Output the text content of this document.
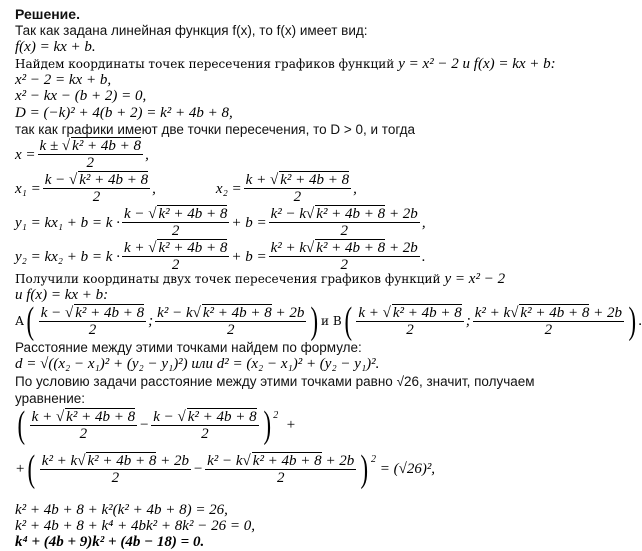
Решение.
Так как задана линейная функция f(x), то f(x) имеет вид:
f(x) = kx + b.
Найдем координаты точек пересечения графиков функций
y = x² − 2 и f(x) = kx + b:
x² − 2 = kx + b,
x² − kx − (b + 2) = 0,
D = (−k)² + 4(b + 2) = k² + 4b + 8,
так как графики имеют две точки пересечения, то D > 0, и тогда
$x = \frac{\text{k ± √ k² + 4b + 8}}{2}$ ,
$x_1 = \frac{\text{k − √ k² + 4b + 8}}{2}$ ,	$x_2 = \frac{\text{k + √ k² + 4b + 8}}{2}$ ,
$y_1 = kx_1 + b = k \cdot \frac{\text{k − √ k² + 4b + 8}}{2} + b = \frac{\text{k² − k√ k² + 4b + 8 + 2b}}{2}$ ,
$y_2 = kx_2 + b = k \cdot \frac{\text{k + √ k² + 4b + 8}}{2} + b = \frac{\text{k² + k√ k² + 4b + 8 + 2b}}{2}$ .
Получили координаты двух точек пересечения графиков функций
y = x² − 2
и f(x) = kx + b:
А ( $\frac{\text{k − √ k² + 4b + 8}}{2}$ ; $\frac{\text{k² − k√ k² + 4b + 8 + 2b}}{2}$ ) и В ( $\frac{\text{k + √ k² + 4b + 8}}{2}$ ; $\frac{\text{k² + k√ k² + 4b + 8 + 2b}}{2}$ ) .
Расстояние между этими точками найдем по формуле:
d = √((x₂ − x₁)² + (y₂ − y₁)²) или d² = (x₂ − x₁)² + (y₂ − y₁)².
По условию задачи расстояние между этими точками равно √26, значит, получаем
уравнение:
( $\frac{\text{k + √ k² + 4b + 8}}{2} - \frac{\text{k − √ k² + 4b + 8}}{2}$ ) $^2$
+
+ ( $\frac{\text{k² + k√ k² + 4b + 8 + 2b}}{2} - \frac{\text{k² − k√ k² + 4b + 8 + 2b}}{2}$ ) $^2$

= (√26)²,
k² + 4b + 8 + k²(k² + 4b + 8) = 26,
k² + 4b + 8 + k⁴ + 4bk² + 8k² − 26 = 0,
k⁴ + (4b + 9)k² + (4b − 18) = 0.
